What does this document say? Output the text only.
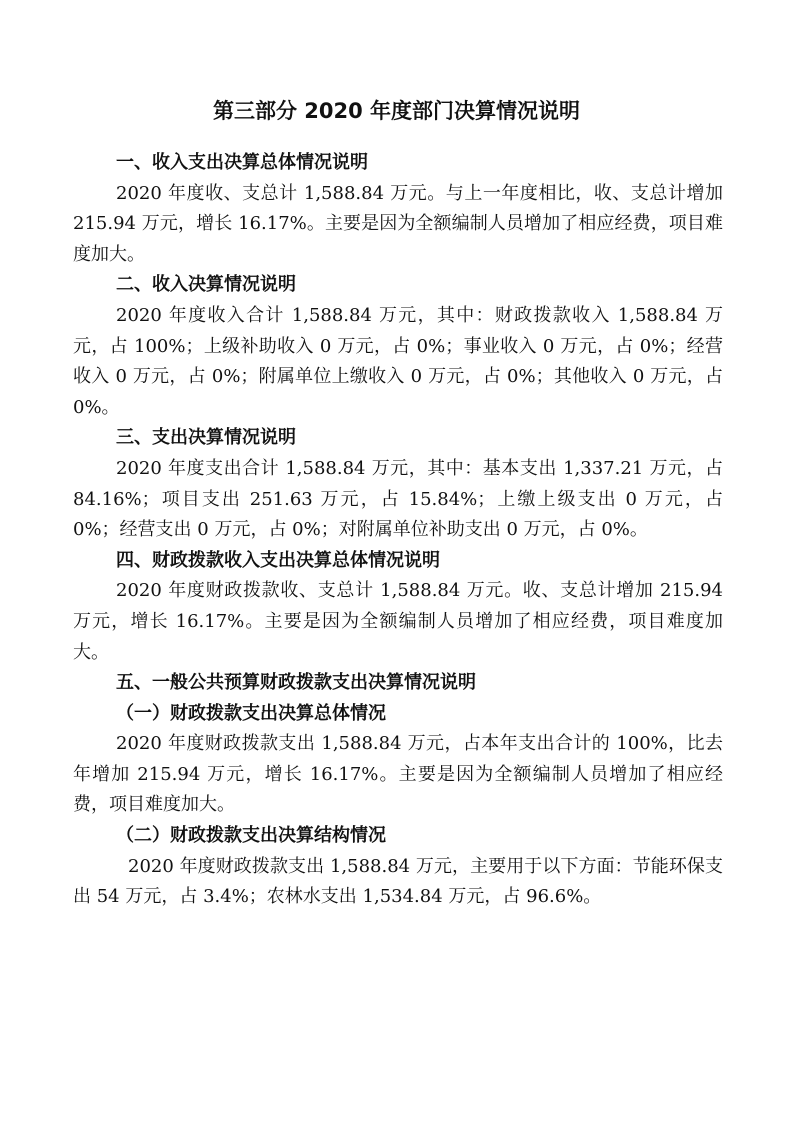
第三部分 2020 年度部门决算情况说明

一、收入支出决算总体情况说明

2020 年度收、支总计 1,588.84 万元。与上一年度相比，收、支总计增加 215.94 万元，增长 16.17%。主要是因为全额编制人员增加了相应经费，项目难度加大。

二、收入决算情况说明

2020 年度收入合计 1,588.84 万元，其中：财政拨款收入 1,588.84 万元，占 100%；上级补助收入 0 万元，占 0%；事业收入 0 万元，占 0%；经营收入 0 万元，占 0%；附属单位上缴收入 0 万元，占 0%；其他收入 0 万元，占 0%。

三、支出决算情况说明

2020 年度支出合计 1,588.84 万元，其中：基本支出 1,337.21 万元，占 84.16%；项目支出 251.63 万元，占 15.84%；上缴上级支出 0 万元，占 0%；经营支出 0 万元，占 0%；对附属单位补助支出 0 万元，占 0%。

四、财政拨款收入支出决算总体情况说明

2020 年度财政拨款收、支总计 1,588.84 万元。收、支总计增加 215.94 万元，增长 16.17%。主要是因为全额编制人员增加了相应经费，项目难度加大。

五、一般公共预算财政拨款支出决算情况说明

（一）财政拨款支出决算总体情况

2020 年度财政拨款支出 1,588.84 万元，占本年支出合计的 100%，比去年增加 215.94 万元，增长 16.17%。主要是因为全额编制人员增加了相应经费，项目难度加大。

（二）财政拨款支出决算结构情况

2020 年度财政拨款支出 1,588.84 万元，主要用于以下方面：节能环保支出 54 万元，占 3.4%；农林水支出 1,534.84 万元，占 96.6%。
